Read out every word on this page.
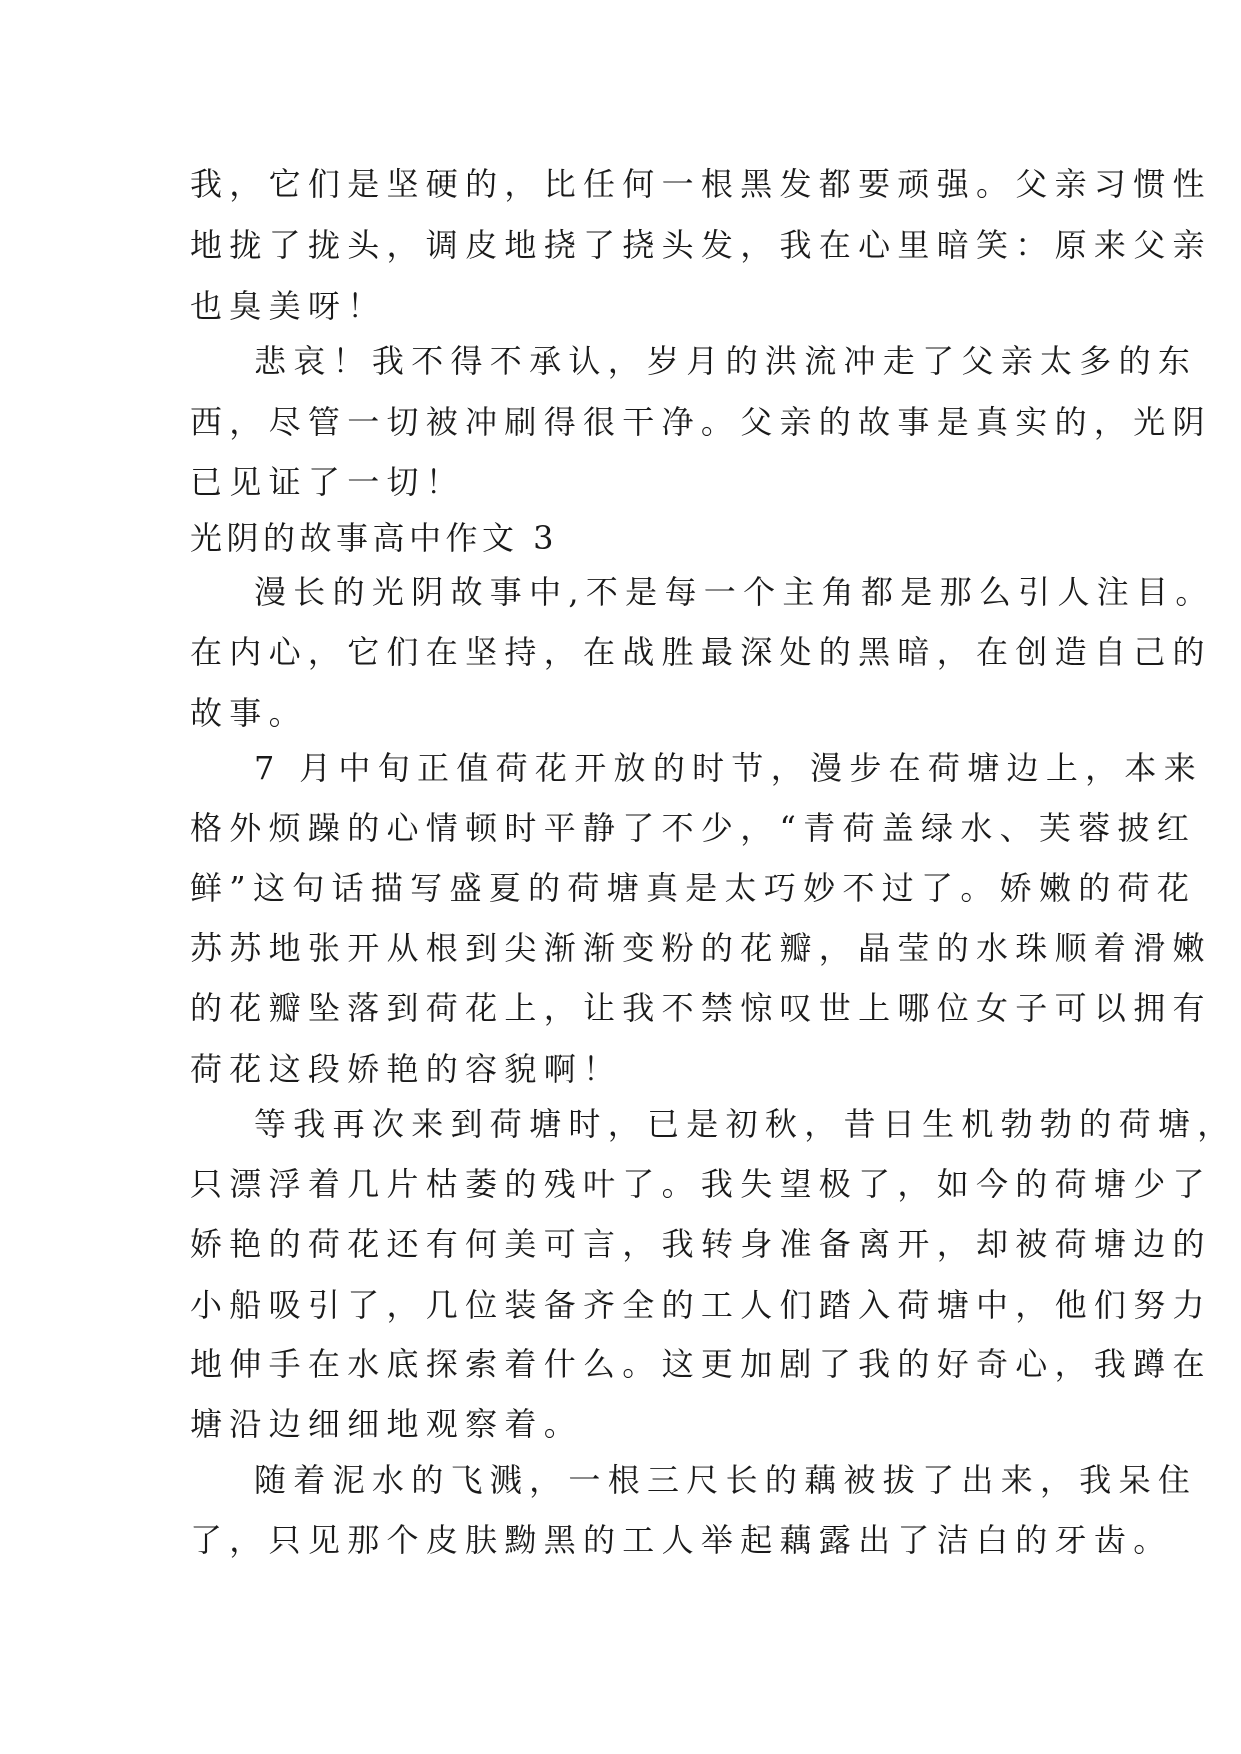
我，它们是坚硬的，比任何一根黑发都要顽强。父亲习惯性
地拢了拢头，调皮地挠了挠头发，我在心里暗笑：原来父亲
也臭美呀！
悲哀！我不得不承认，岁月的洪流冲走了父亲太多的东
西，尽管一切被冲刷得很干净。父亲的故事是真实的，光阴
已见证了一切！
光阴的故事高中作文 3
漫长的光阴故事中,不是每一个主角都是那么引人注目。
在内心，它们在坚持，在战胜最深处的黑暗，在创造自己的
故事。
7 月中旬正值荷花开放的时节，漫步在荷塘边上，本来
格外烦躁的心情顿时平静了不少，“青荷盖绿水、芙蓉披红
鲜”这句话描写盛夏的荷塘真是太巧妙不过了。娇嫩的荷花
苏苏地张开从根到尖渐渐变粉的花瓣，晶莹的水珠顺着滑嫩
的花瓣坠落到荷花上，让我不禁惊叹世上哪位女子可以拥有
荷花这段娇艳的容貌啊！
等我再次来到荷塘时，已是初秋，昔日生机勃勃的荷塘，
只漂浮着几片枯萎的残叶了。我失望极了，如今的荷塘少了
娇艳的荷花还有何美可言，我转身准备离开，却被荷塘边的
小船吸引了，几位装备齐全的工人们踏入荷塘中，他们努力
地伸手在水底探索着什么。这更加剧了我的好奇心，我蹲在
塘沿边细细地观察着。
随着泥水的飞溅，一根三尺长的藕被拔了出来，我呆住
了，只见那个皮肤黝黑的工人举起藕露出了洁白的牙齿。
